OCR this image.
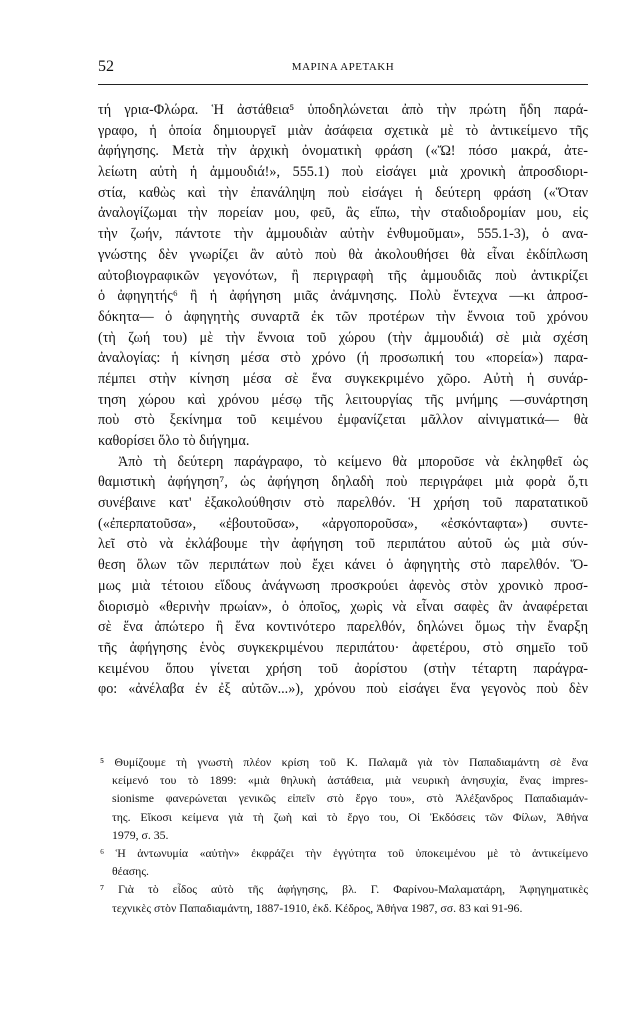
52	ΜΑΡΙΝΑ ΑΡΕΤΑΚΗ
τή γρια-Φλώρα. Ἡ ἀστάθεια⁵ ὑποδηλώνεται ἀπὸ τὴν πρώτη ἤδη παρά-
γραφο, ἡ ὁποία δημιουργεῖ μιὰν ἀσάφεια σχετικὰ μὲ τὸ ἀντικείμενο τῆς
ἀφήγησης. Μετὰ τὴν ἀρχικὴ ὀνοματικὴ φράση («Ὤ! πόσο μακρά, ἀτε-
λείωτη αὐτὴ ἡ ἀμμουδιά!», 555.1) ποὺ εἰσάγει μιὰ χρονικὴ ἀπροσδιορι-
στία, καθὼς καὶ τὴν ἐπανάληψη ποὺ εἰσάγει ἡ δεύτερη φράση («Ὅταν
ἀναλογίζωμαι τὴν πορείαν μου, φεῦ, ἂς εἴπω, τὴν σταδιοδρομίαν μου, εἰς
τὴν ζωήν, πάντοτε τὴν ἀμμουδιὰν αὐτὴν ἐνθυμοῦμαι», 555.1-3), ὁ ανα-
γνώστης δὲν γνωρίζει ἂν αὐτὸ ποὺ θὰ ἀκολουθήσει θὰ εἶναι ἐκδίπλωση
αὐτοβιογραφικῶν γεγονότων, ἢ περιγραφὴ τῆς ἀμμουδιᾶς ποὺ ἀντικρίζει
ὁ ἀφηγητής⁶ ἢ ἡ ἀφήγηση μιᾶς ἀνάμνησης. Πολὺ ἔντεχνα —κι ἀπροσ-
δόκητα— ὁ ἀφηγητὴς συναρτᾶ ἐκ τῶν προτέρων τὴν ἔννοια τοῦ χρόνου
(τὴ ζωή του) μὲ τὴν ἔννοια τοῦ χώρου (τὴν ἀμμουδιά) σὲ μιὰ σχέση
ἀναλογίας: ἡ κίνηση μέσα στὸ χρόνο (ἡ προσωπική του «πορεία») παρα-
πέμπει στὴν κίνηση μέσα σὲ ἕνα συγκεκριμένο χῶρο. Αὐτὴ ἡ συνάρ-
τηση χώρου καὶ χρόνου μέσῳ τῆς λειτουργίας τῆς μνήμης —συνάρτηση
ποὺ στὸ ξεκίνημα τοῦ κειμένου ἐμφανίζεται μᾶλλον αἰνιγματικά— θὰ
καθορίσει ὅλο τὸ διήγημα.
Ἀπὸ τὴ δεύτερη παράγραφο, τὸ κείμενο θὰ μποροῦσε νὰ ἐκληφθεῖ ὡς
θαμιστικὴ ἀφήγηση⁷, ὡς ἀφήγηση δηλαδὴ ποὺ περιγράφει μιὰ φορὰ ὅ,τι
συνέβαινε κατ' ἐξακολούθησιν στὸ παρελθόν. Ἡ χρήση τοῦ παρατατικοῦ
(«ἐπερπατοῦσα», «ἐβουτοῦσα», «ἀργοπoροῦσα», «ἐσκόνταφτα») συντε-
λεῖ στὸ νὰ ἐκλάβουμε τὴν ἀφήγηση τοῦ περιπάτου αὐτοῦ ὡς μιὰ σύν-
θεση ὅλων τῶν περιπάτων ποὺ ἔχει κάνει ὁ ἀφηγητὴς στὸ παρελθόν. Ὅ-
μως μιὰ τέτοιου εἴδους ἀνάγνωση προσκρούει ἀφενὸς στὸν χρονικὸ προσ-
διορισμὸ «θερινὴν πρωίαν», ὁ ὁποῖος, χωρὶς νὰ εἶναι σαφὲς ἂν ἀναφέρεται
σὲ ἕνα ἀπώτερο ἢ ἕνα κοντινότερο παρελθόν, δηλώνει ὅμως τὴν ἔναρξη
τῆς ἀφήγησης ἑνὸς συγκεκριμένου περιπάτου· ἀφετέρου, στὸ σημεῖο τοῦ
κειμένου ὅπου γίνεται χρήση τοῦ ἀορίστου (στὴν τέταρτη παράγρα-
φο: «ἀνέλαβα ἐν ἐξ αὐτῶν...»), χρόνου ποὺ εἰσάγει ἕνα γεγονὸς ποὺ δὲν
⁵ Θυμίζουμε τὴ γνωστὴ πλέον κρίση τοῦ Κ. Παλαμᾶ γιὰ τὸν Παπαδιαμάντη σὲ ἕνα
κείμενό του τὸ 1899: «μιὰ θηλυκὴ ἀστάθεια, μιὰ νευρικὴ ἀνησυχία, ἕνας impres-
sionisme φανερώνεται γενικῶς εἰπεῖν στὸ ἔργο του», στὸ Ἀλέξανδρος Παπαδιαμάν-
της. Εἴκοσι κείμενα γιὰ τὴ ζωὴ καὶ τὸ ἔργο του, Οἱ Ἐκδόσεις τῶν Φίλων, Ἀθήνα
1979, σ. 35.
⁶ Ἡ ἀντωνυμία «αὐτὴν» ἐκφράζει τὴν ἐγγύτητα τοῦ ὑποκειμένου μὲ τὸ ἀντικείμενο
θέασης.
⁷ Γιὰ τὸ εἶδος αὐτὸ τῆς ἀφήγησης, βλ. Γ. Φαρίνου-Μαλαματάρη, Ἀφηγηματικὲς
τεχνικὲς στὸν Παπαδιαμάντη, 1887-1910, ἐκδ. Κέδρος, Ἀθήνα 1987, σσ. 83 καὶ 91-96.
